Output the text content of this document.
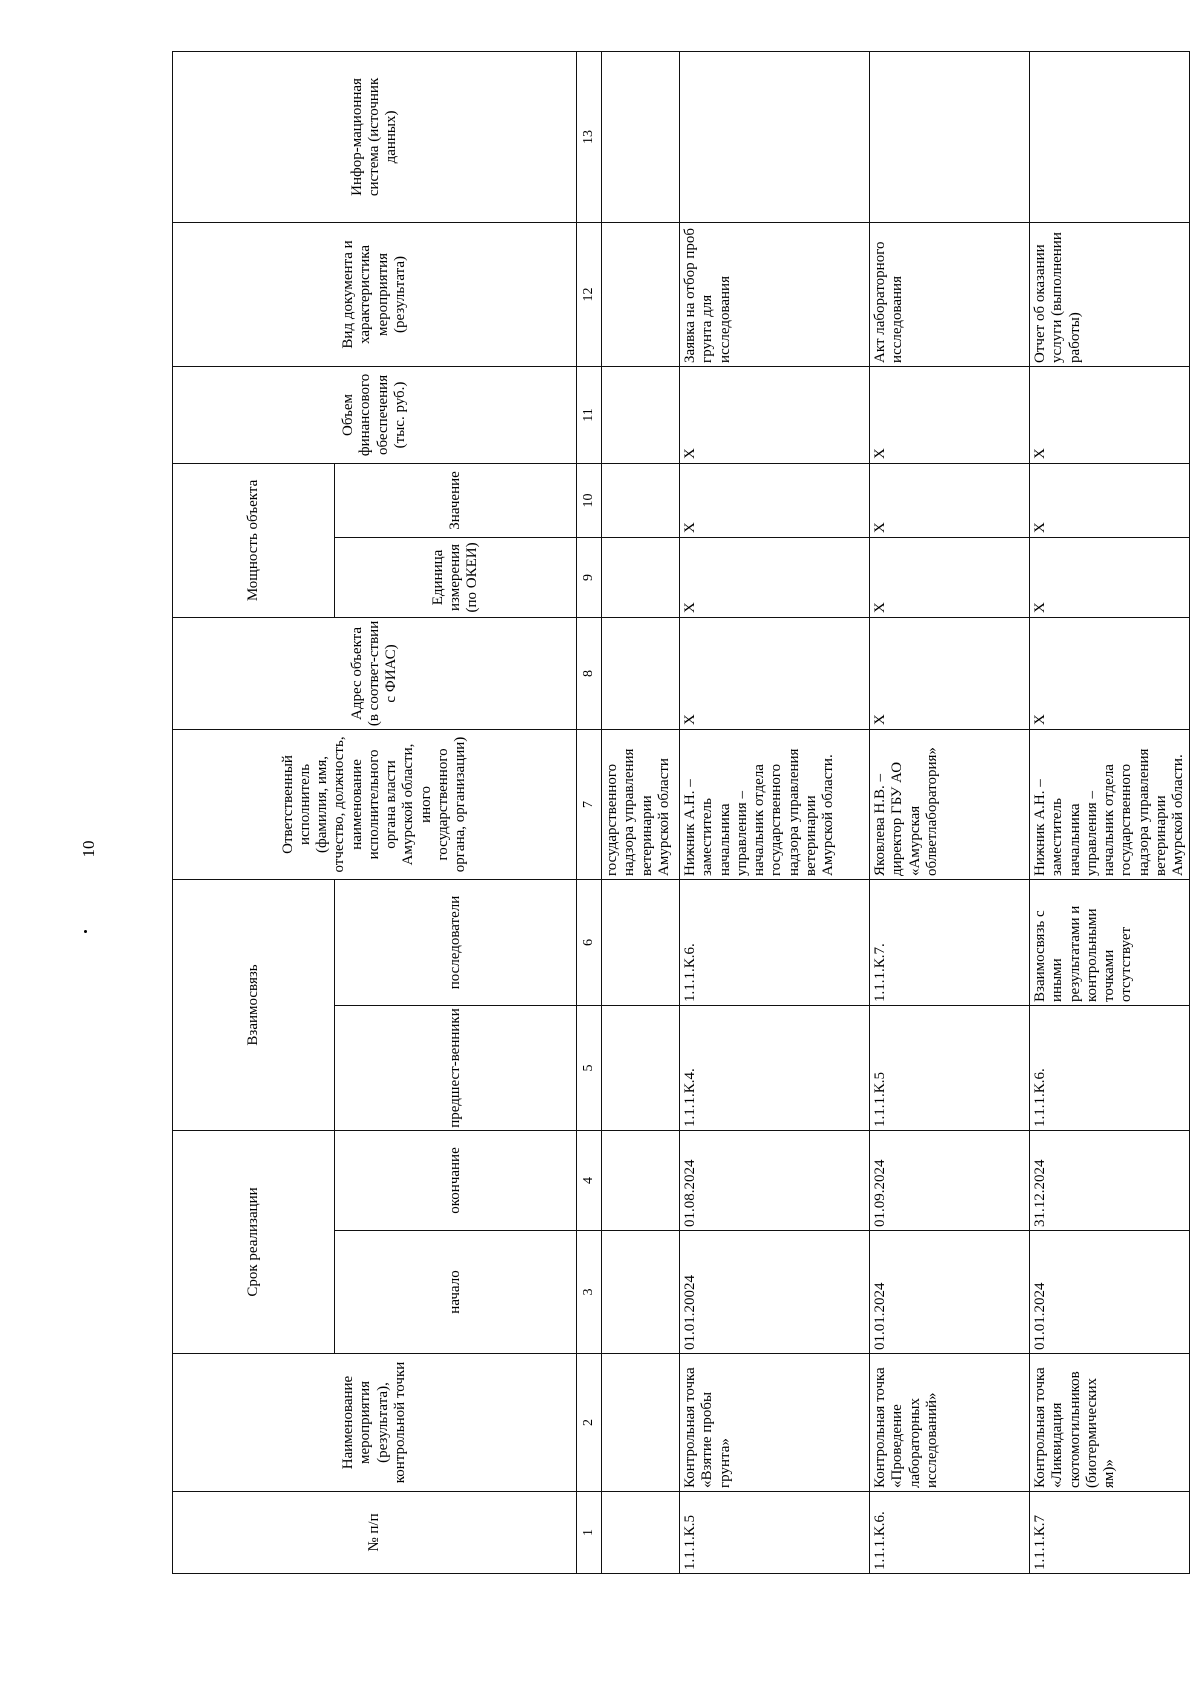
10
№ п/п	Наименование мероприятия (результата), контрольной точки	Срок реализации		Взаимосвязь		Ответственный исполнитель (фамилия, имя, отчество, должность, наименование исполнительного органа власти Амурской области, иного государственного органа, организации)	Адрес объекта (в соответ-ствии с ФИАС)	Мощность объекта		Объем финансового обеспечения (тыс. руб.)	Вид документа и характеристика мероприятия (результата)	Инфор-мационная система (источник данных)
		начало	окончание	предшест-венники	последователи			Единица измерения (по ОКЕИ)	Значение			
1	2	3	4	5	6	7	8	9	10	11	12	13
						государственного надзора управления ветеринарии Амурской области						
1.1.1.К.5	Контрольная точка «Взятие пробы грунта»	01.01.20024	01.08.2024	1.1.1.К.4.	1.1.1.К.6.	Нижник А.Н. – заместитель начальника управления – начальник отдела государственного надзора управления ветеринарии Амурской области.	Х	Х	Х	Х	Заявка на отбор проб грунта для исследования	
1.1.1.К.6.	Контрольная точка «Проведение лабораторных исследований»	01.01.2024	01.09.2024	1.1.1.К.5	1.1.1.К.7.	Яковлева Н.В. – директор ГБУ АО «Амурская облветлаборатория»	Х	Х	Х	Х	Акт лабораторного исследования	
1.1.1.К.7	Контрольная точка «Ликвидация скотомогильников (биотермических ям)»	01.01.2024	31.12.2024	1.1.1.К.6.	Взаимосвязь с иными результатами и контрольными точками отсутствует	Нижник А.Н. – заместитель начальника управления – начальник отдела государственного надзора управления ветеринарии Амурской области.	Х	Х	Х	Х	Отчет об оказании услуги (выполнении работы)	
